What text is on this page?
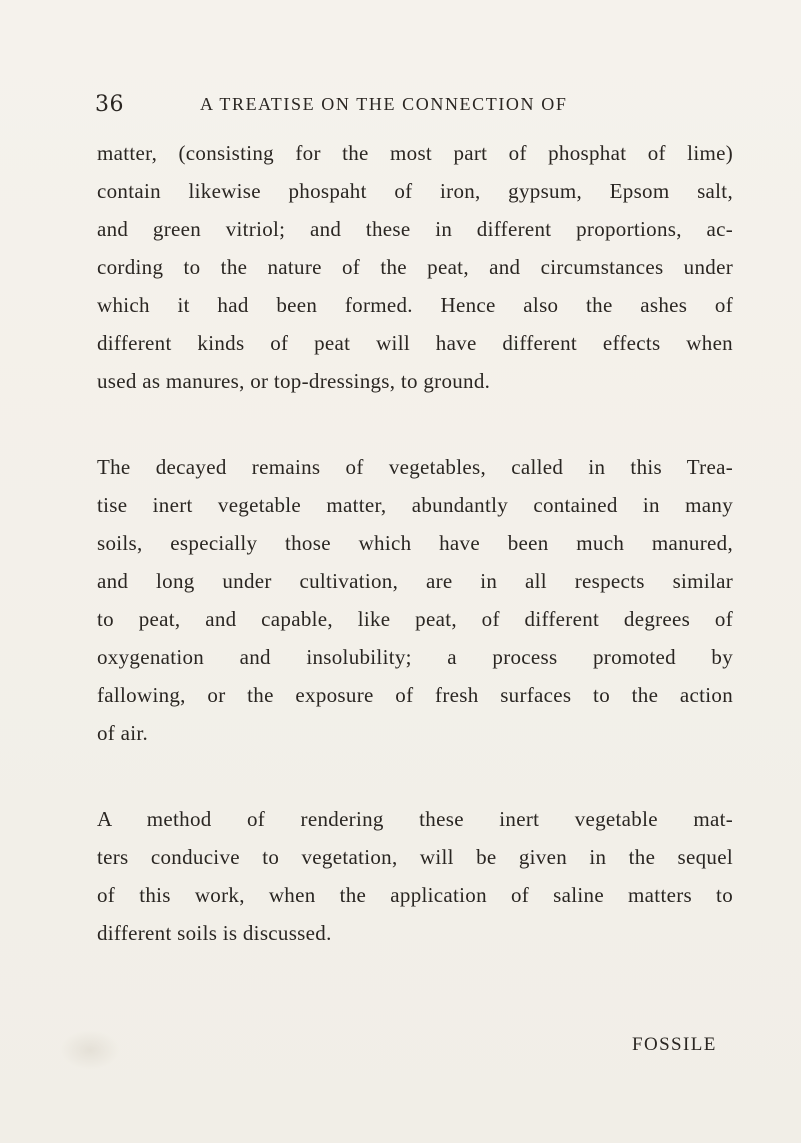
36	A TREATISE ON THE CONNECTION OF
matter, (consisting for the most part of phosphat of lime)
contain likewise phospaht of iron, gypsum, Epsom salt,
and green vitriol; and these in different proportions, ac-
cording to the nature of the peat, and circumstances under
which it had been formed. Hence also the ashes of
different kinds of peat will have different effects when
used as manures, or top-dressings, to ground.
The decayed remains of vegetables, called in this Trea-
tise inert vegetable matter, abundantly contained in many
soils, especially those which have been much manured,
and long under cultivation, are in all respects similar
to peat, and capable, like peat, of different degrees of
oxygenation and insolubility; a process promoted by
fallowing, or the exposure of fresh surfaces to the action
of air.
A method of rendering these inert vegetable mat-
ters conducive to vegetation, will be given in the sequel
of this work, when the application of saline matters to
different soils is discussed.
FOSSILE
